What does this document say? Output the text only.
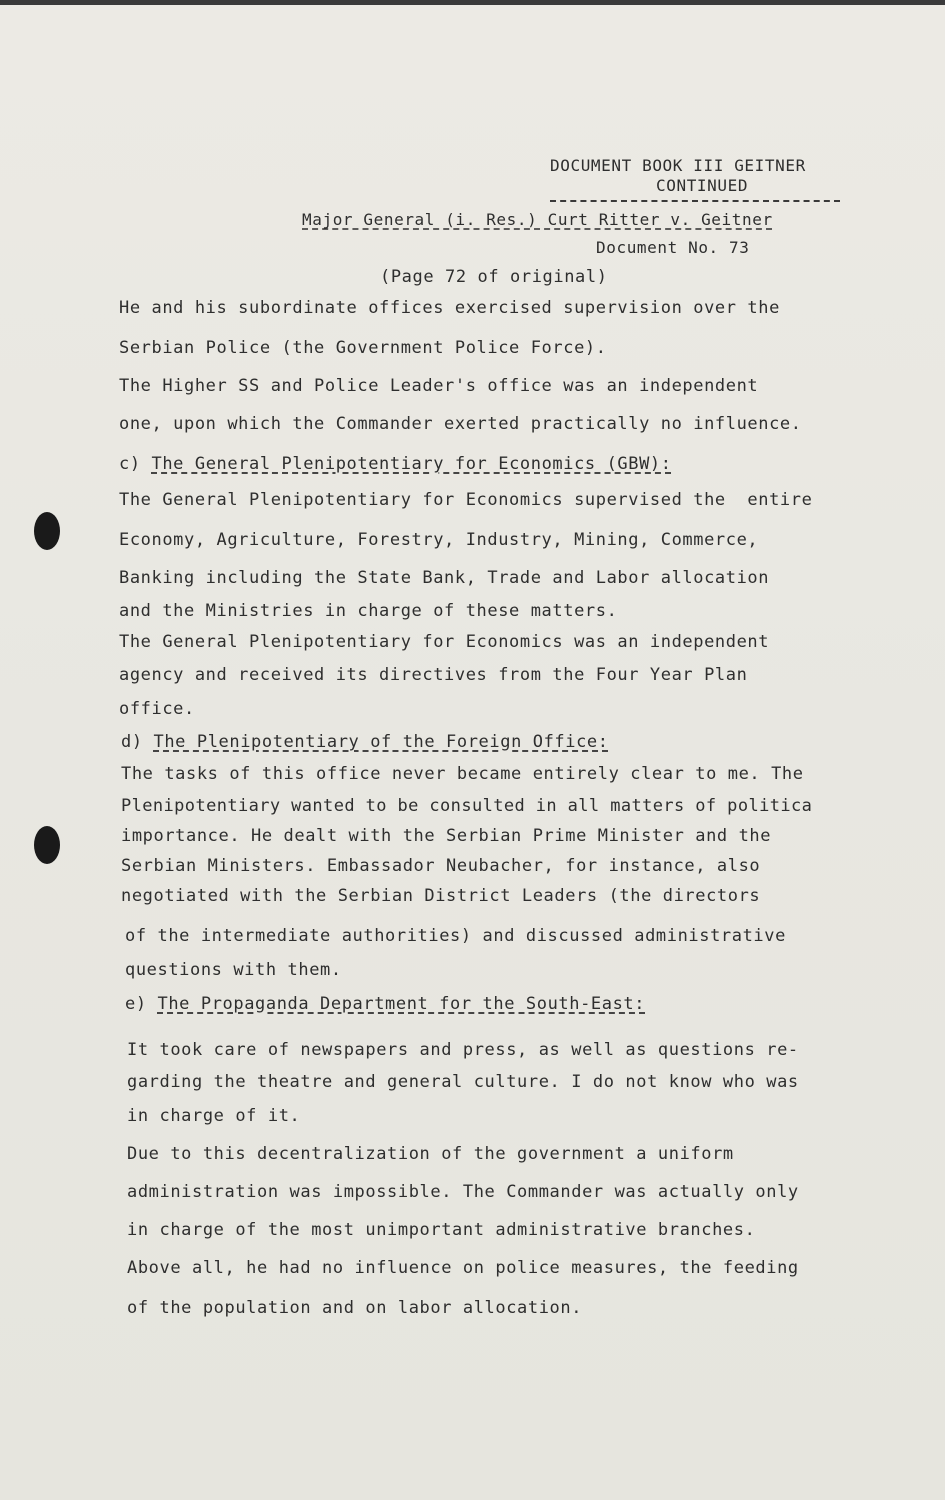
DOCUMENT BOOK III GEITNER
CONTINUED
Major General (i. Res.) Curt Ritter v. Geitner
Document No. 73
(Page 72 of original)
He and his subordinate offices exercised supervision over the
Serbian Police (the Government Police Force).
The Higher SS and Police Leader's office was an independent
one, upon which the Commander exerted practically no influence.
c) The General Plenipotentiary for Economics (GBW):
The General Plenipotentiary for Economics supervised the  entire
Economy, Agriculture, Forestry, Industry, Mining, Commerce,
Banking including the State Bank, Trade and Labor allocation
and the Ministries in charge of these matters.
The General Plenipotentiary for Economics was an independent
agency and received its directives from the Four Year Plan
office.
d) The Plenipotentiary of the Foreign Office:
The tasks of this office never became entirely clear to me. The
Plenipotentiary wanted to be consulted in all matters of politica
importance. He dealt with the Serbian Prime Minister and the
Serbian Ministers. Embassador Neubacher, for instance, also
negotiated with the Serbian District Leaders (the directors
of the intermediate authorities) and discussed administrative
questions with them.
e) The Propaganda Department for the South-East:
It took care of newspapers and press, as well as questions re-
garding the theatre and general culture. I do not know who was
in charge of it.
Due to this decentralization of the government a uniform
administration was impossible. The Commander was actually only
in charge of the most unimportant administrative branches.
Above all, he had no influence on police measures, the feeding
of the population and on labor allocation.
